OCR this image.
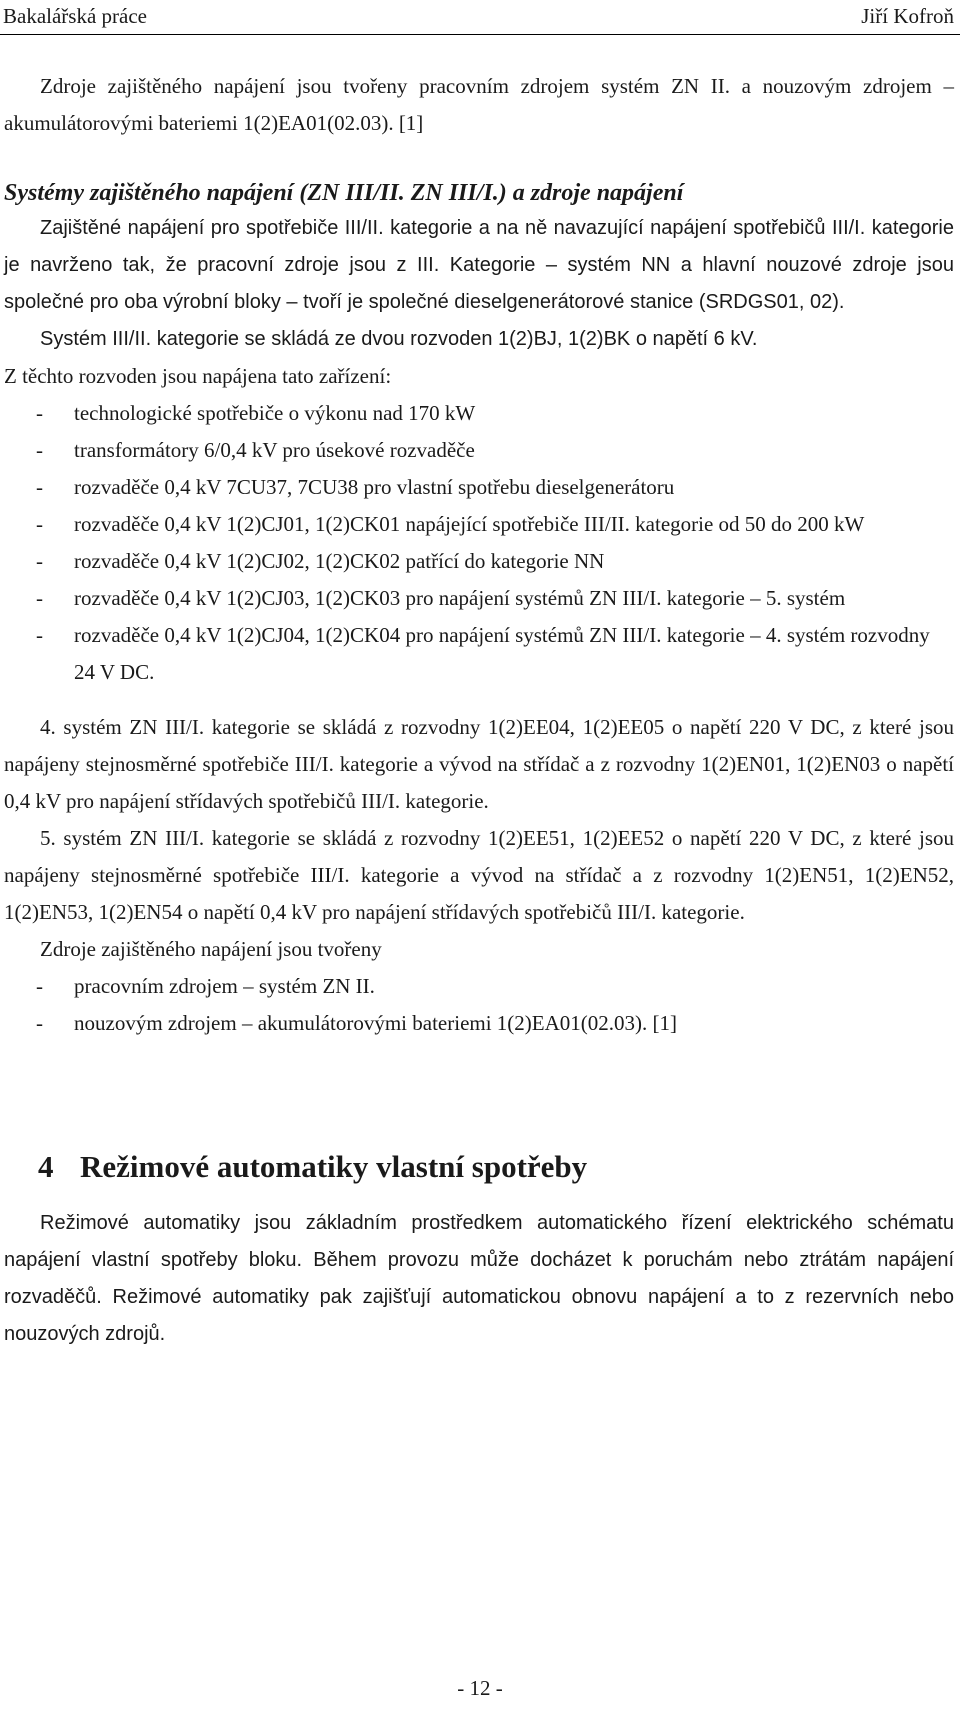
Bakalářská práce	Jiří Kofroň

Zdroje zajištěného napájení jsou tvořeny pracovním zdrojem systém ZN II. a nouzovým zdrojem – akumulátorovými bateriemi 1(2)EA01(02.03). [1]

Systémy zajištěného napájení (ZN III/II. ZN III/I.) a zdroje napájení

Zajištěné napájení pro spotřebiče III/II. kategorie a na ně navazující napájení spotřebičů III/I. kategorie je navrženo tak, že pracovní zdroje jsou z III. Kategorie – systém NN a hlavní nouzové zdroje jsou společné pro oba výrobní bloky – tvoří je společné dieselgenerátorové stanice (SRDGS01, 02).

Systém III/II. kategorie se skládá ze dvou rozvoden 1(2)BJ, 1(2)BK o napětí 6 kV.

Z těchto rozvoden jsou napájena tato zařízení:

- technologické spotřebiče o výkonu nad 170 kW
- transformátory 6/0,4 kV pro úsekové rozvaděče
- rozvaděče 0,4 kV 7CU37, 7CU38 pro vlastní spotřebu dieselgenerátoru
- rozvaděče 0,4 kV 1(2)CJ01, 1(2)CK01 napájející spotřebiče III/II. kategorie od 50 do 200 kW
- rozvaděče 0,4 kV 1(2)CJ02, 1(2)CK02 patřící do kategorie NN
- rozvaděče 0,4 kV 1(2)CJ03, 1(2)CK03 pro napájení systémů ZN III/I. kategorie – 5. systém
- rozvaděče 0,4 kV 1(2)CJ04, 1(2)CK04 pro napájení systémů ZN III/I. kategorie – 4. systém rozvodny 24 V DC.

4. systém ZN III/I. kategorie se skládá z rozvodny 1(2)EE04, 1(2)EE05 o napětí 220 V DC, z které jsou napájeny stejnosměrné spotřebiče III/I. kategorie a vývod na střídač a z rozvodny 1(2)EN01, 1(2)EN03 o napětí 0,4 kV pro napájení střídavých spotřebičů III/I. kategorie.

5. systém ZN III/I. kategorie se skládá z rozvodny 1(2)EE51, 1(2)EE52 o napětí 220 V DC, z které jsou napájeny stejnosměrné spotřebiče III/I. kategorie a vývod na střídač a z rozvodny 1(2)EN51, 1(2)EN52, 1(2)EN53, 1(2)EN54 o napětí 0,4 kV pro napájení střídavých spotřebičů III/I. kategorie.

Zdroje zajištěného napájení jsou tvořeny

- pracovním zdrojem – systém ZN II.
- nouzovým zdrojem – akumulátorovými bateriemi 1(2)EA01(02.03). [1]
4 Režimové automatiky vlastní spotřeby

Režimové automatiky jsou základním prostředkem automatického řízení elektrického schématu napájení vlastní spotřeby bloku. Během provozu může docházet k poruchám nebo ztrátám napájení rozvaděčů. Režimové automatiky pak zajišťují automatickou obnovu napájení a to z rezervních nebo nouzových zdrojů.

- 12 -
